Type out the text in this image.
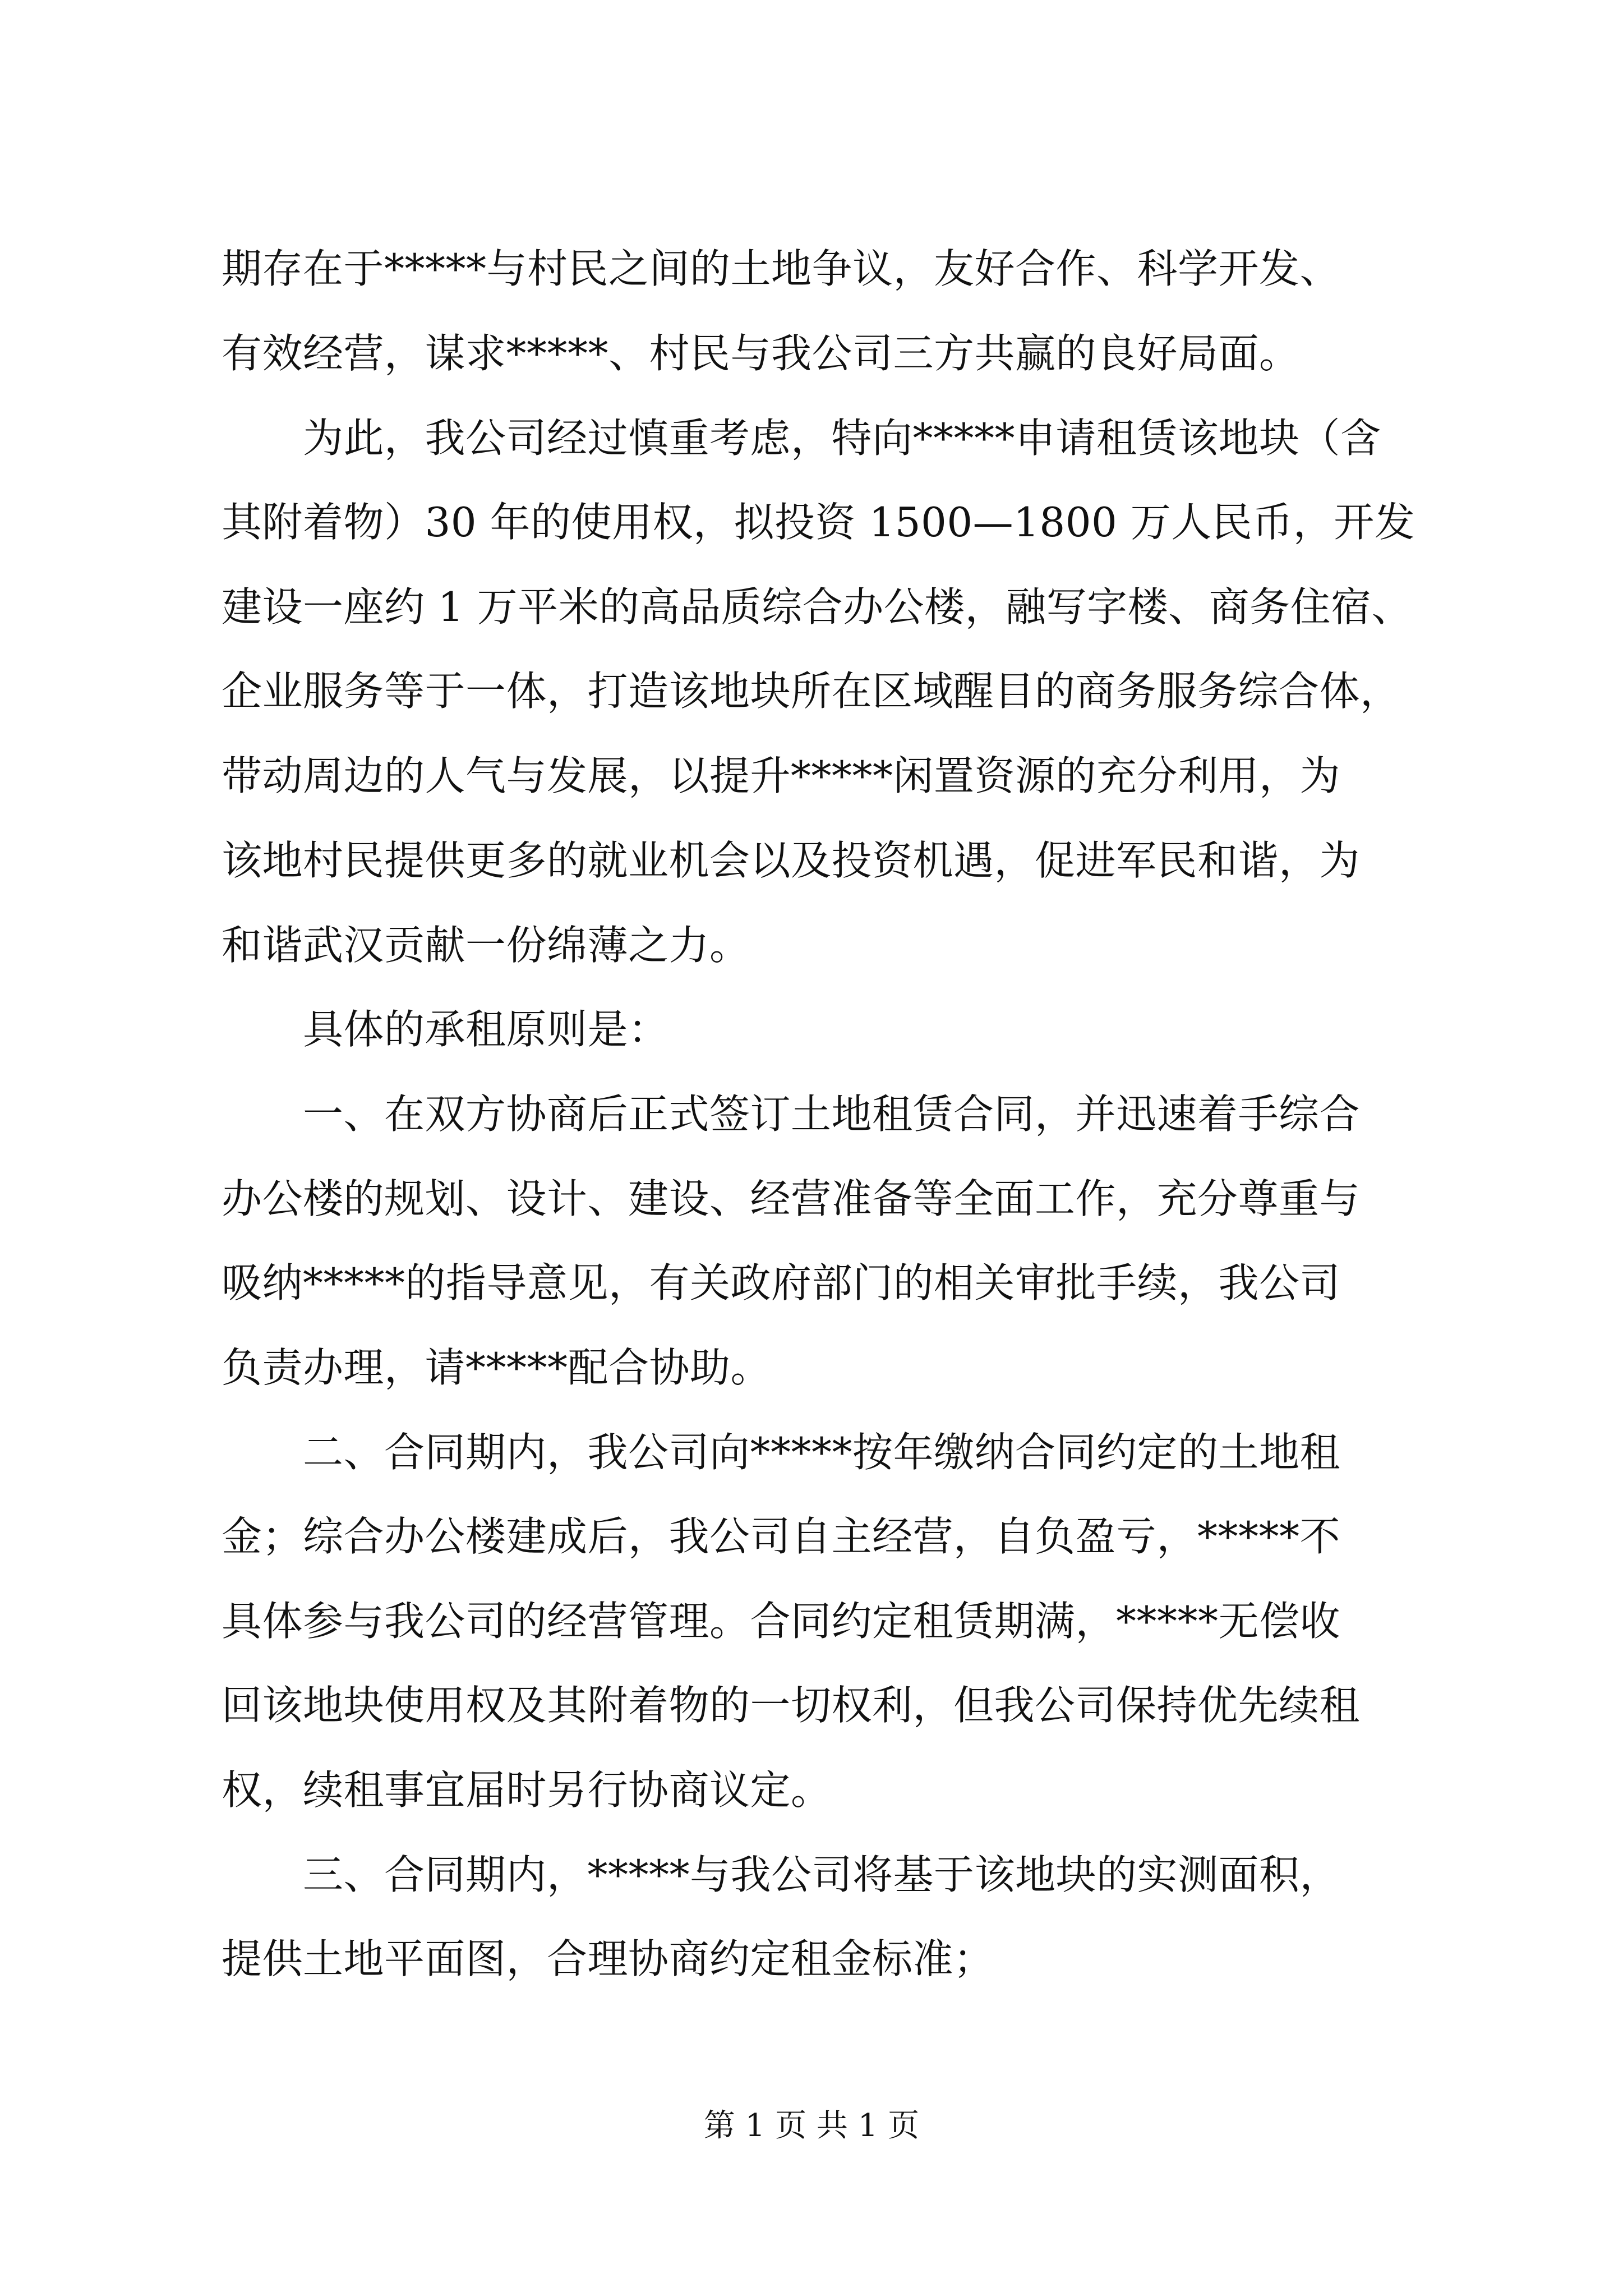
期存在于*****与村民之间的土地争议，友好合作、科学开发、
有效经营，谋求*****、村民与我公司三方共赢的良好局面。
为此，我公司经过慎重考虑，特向*****申请租赁该地块（含
其附着物）30 年的使用权，拟投资 1500—1800 万人民币，开发
建设一座约 1 万平米的高品质综合办公楼，融写字楼、商务住宿、
企业服务等于一体，打造该地块所在区域醒目的商务服务综合体，
带动周边的人气与发展，以提升*****闲置资源的充分利用，为
该地村民提供更多的就业机会以及投资机遇，促进军民和谐，为
和谐武汉贡献一份绵薄之力。
具体的承租原则是：
一、在双方协商后正式签订土地租赁合同，并迅速着手综合
办公楼的规划、设计、建设、经营准备等全面工作，充分尊重与
吸纳*****的指导意见，有关政府部门的相关审批手续，我公司
负责办理，请*****配合协助。
二、合同期内，我公司向*****按年缴纳合同约定的土地租
金；综合办公楼建成后，我公司自主经营，自负盈亏，*****不
具体参与我公司的经营管理。合同约定租赁期满，*****无偿收
回该地块使用权及其附着物的一切权利，但我公司保持优先续租
权，续租事宜届时另行协商议定。
三、合同期内，*****与我公司将基于该地块的实测面积，
提供土地平面图，合理协商约定租金标准；
第 1 页 共 1 页
